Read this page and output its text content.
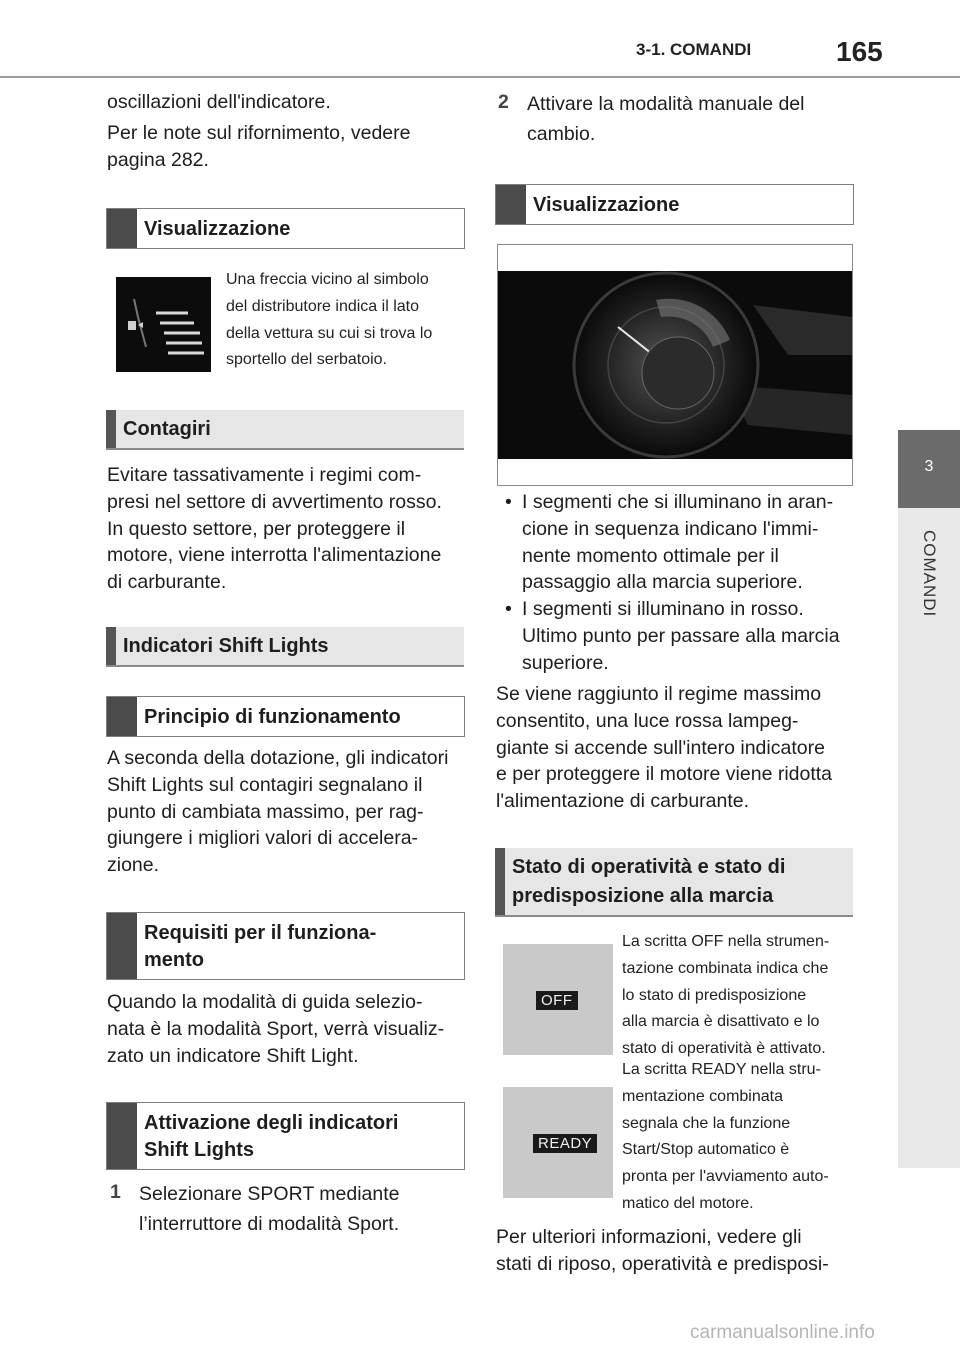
3-1. COMANDI	165
3
COMANDI
oscillazioni dell'indicatore.
Per le note sul rifornimento, vedere
pagina 282.
Visualizzazione
Una freccia vicino al simbolo
del distributore indica il lato
della vettura su cui si trova lo
sportello del serbatoio.
Contagiri
Evitare tassativamente i regimi com-
presi nel settore di avvertimento rosso.
In questo settore, per proteggere il
motore, viene interrotta l'alimentazione
di carburante.
Indicatori Shift Lights
Principio di funzionamento
A seconda della dotazione, gli indicatori
Shift Lights sul contagiri segnalano il
punto di cambiata massimo, per rag-
giungere i migliori valori di accelera-
zione.
Requisiti per il funziona-
mento
Quando la modalità di guida selezio-
nata è la modalità Sport, verrà visualiz-
zato un indicatore Shift Light.
Attivazione degli indicatori
Shift Lights
1 Selezionare SPORT mediante
l’interruttore di modalità Sport.
2 Attivare la modalità manuale del
cambio.
Visualizzazione
• I segmenti che si illuminano in aran-
cione in sequenza indicano l'immi-
nente momento ottimale per il
passaggio alla marcia superiore.
• I segmenti si illuminano in rosso.
Ultimo punto per passare alla marcia
superiore.
Se viene raggiunto il regime massimo
consentito, una luce rossa lampeg-
giante si accende sull'intero indicatore
e per proteggere il motore viene ridotta
l'alimentazione di carburante.
Stato di operatività e stato di
predisposizione alla marcia
OFF
La scritta OFF nella strumen-
tazione combinata indica che
lo stato di predisposizione
alla marcia è disattivato e lo
stato di operatività è attivato.
READY
La scritta READY nella stru-
mentazione combinata
segnala che la funzione
Start/Stop automatico è
pronta per l'avviamento auto-
matico del motore.
Per ulteriori informazioni, vedere gli
stati di riposo, operatività e predisposi-
carmanualsonline.info
